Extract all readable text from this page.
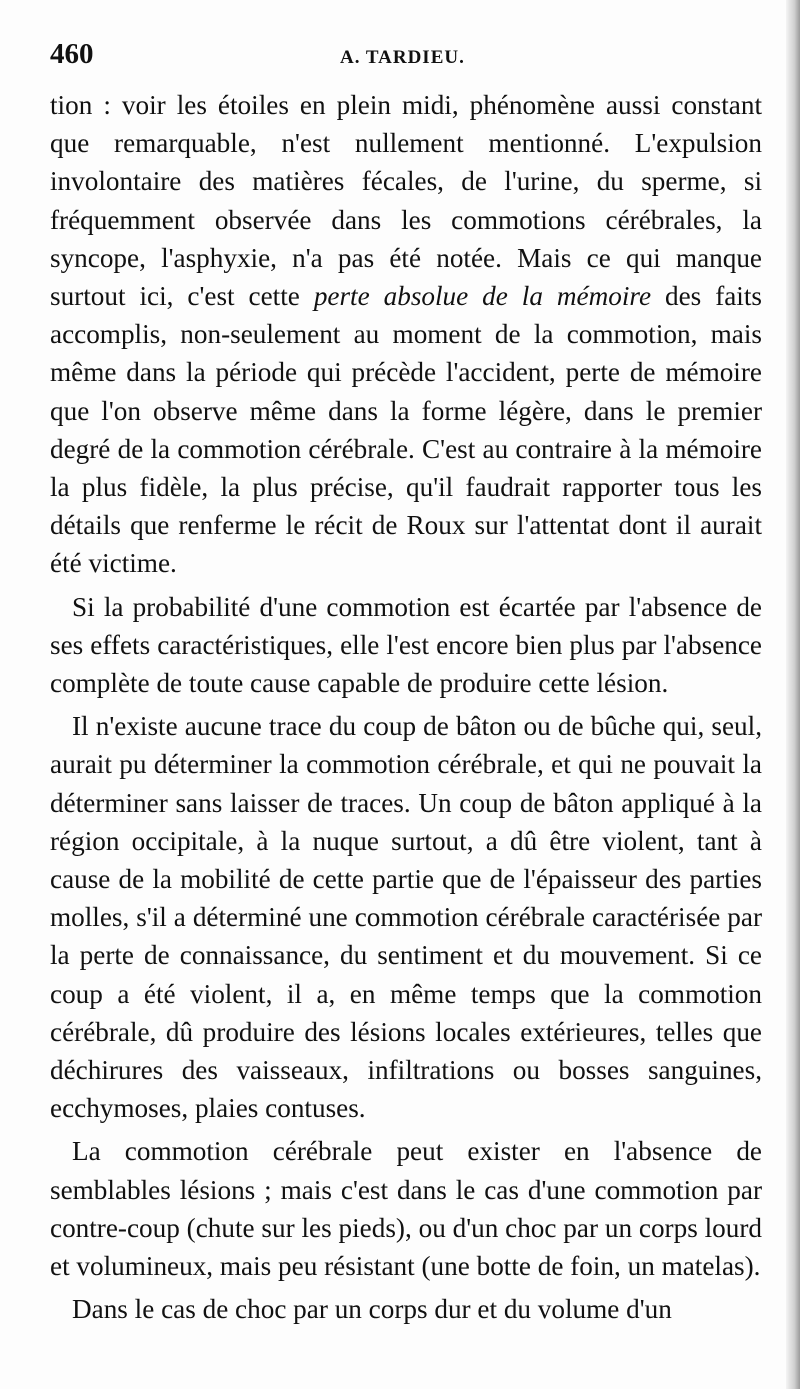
460	A. TARDIEU.

tion : voir les étoiles en plein midi, phénomène aussi constant que remarquable, n'est nullement mentionné. L'expulsion involontaire des matières fécales, de l'urine, du sperme, si fréquemment observée dans les commotions cérébrales, la syncope, l'asphyxie, n'a pas été notée. Mais ce qui manque surtout ici, c'est cette perte absolue de la mémoire des faits accomplis, non-seulement au moment de la commotion, mais même dans la période qui précède l'accident, perte de mémoire que l'on observe même dans la forme légère, dans le premier degré de la commotion cérébrale. C'est au contraire à la mémoire la plus fidèle, la plus précise, qu'il faudrait rapporter tous les détails que renferme le récit de Roux sur l'attentat dont il aurait été victime.

Si la probabilité d'une commotion est écartée par l'absence de ses effets caractéristiques, elle l'est encore bien plus par l'absence complète de toute cause capable de produire cette lésion.

Il n'existe aucune trace du coup de bâton ou de bûche qui, seul, aurait pu déterminer la commotion cérébrale, et qui ne pouvait la déterminer sans laisser de traces. Un coup de bâton appliqué à la région occipitale, à la nuque surtout, a dû être violent, tant à cause de la mobilité de cette partie que de l'épaisseur des parties molles, s'il a déterminé une commotion cérébrale caractérisée par la perte de connaissance, du sentiment et du mouvement. Si ce coup a été violent, il a, en même temps que la commotion cérébrale, dû produire des lésions locales extérieures, telles que déchirures des vaisseaux, infiltrations ou bosses sanguines, ecchymoses, plaies contuses.

La commotion cérébrale peut exister en l'absence de semblables lésions ; mais c'est dans le cas d'une commotion par contre-coup (chute sur les pieds), ou d'un choc par un corps lourd et volumineux, mais peu résistant (une botte de foin, un matelas).

Dans le cas de choc par un corps dur et du volume d'un
